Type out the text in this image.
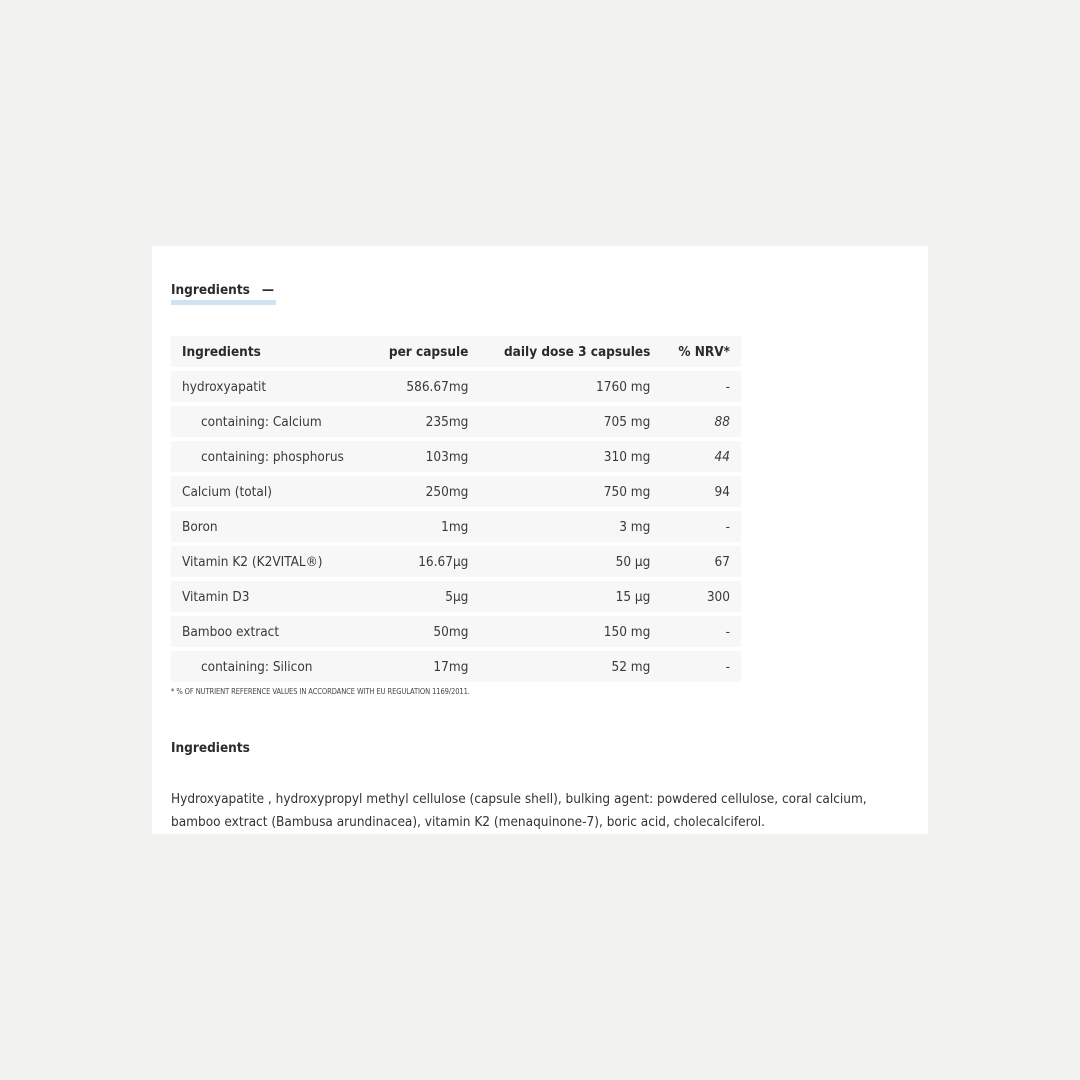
Ingredients —
Ingredients	per capsule	daily dose 3 capsules	% NRV*
hydroxyapatit	586.67mg	1760 mg	-
containing: Calcium	235mg	705 mg	88
containing: phosphorus	103mg	310 mg	44
Calcium (total)	250mg	750 mg	94
Boron	1mg	3 mg	-
Vitamin K2 (K2VITAL®)	16.67µg	50 µg	67
Vitamin D3	5µg	15 µg	300
Bamboo extract	50mg	150 mg	-
containing: Silicon	17mg	52 mg	-
* % OF NUTRIENT REFERENCE VALUES IN ACCORDANCE WITH EU REGULATION 1169/2011.
Ingredients
Hydroxyapatite , hydroxypropyl methyl cellulose (capsule shell), bulking agent: powdered cellulose, coral calcium, bamboo extract (Bambusa arundinacea), vitamin K2 (menaquinone-7), boric acid, cholecalciferol.
